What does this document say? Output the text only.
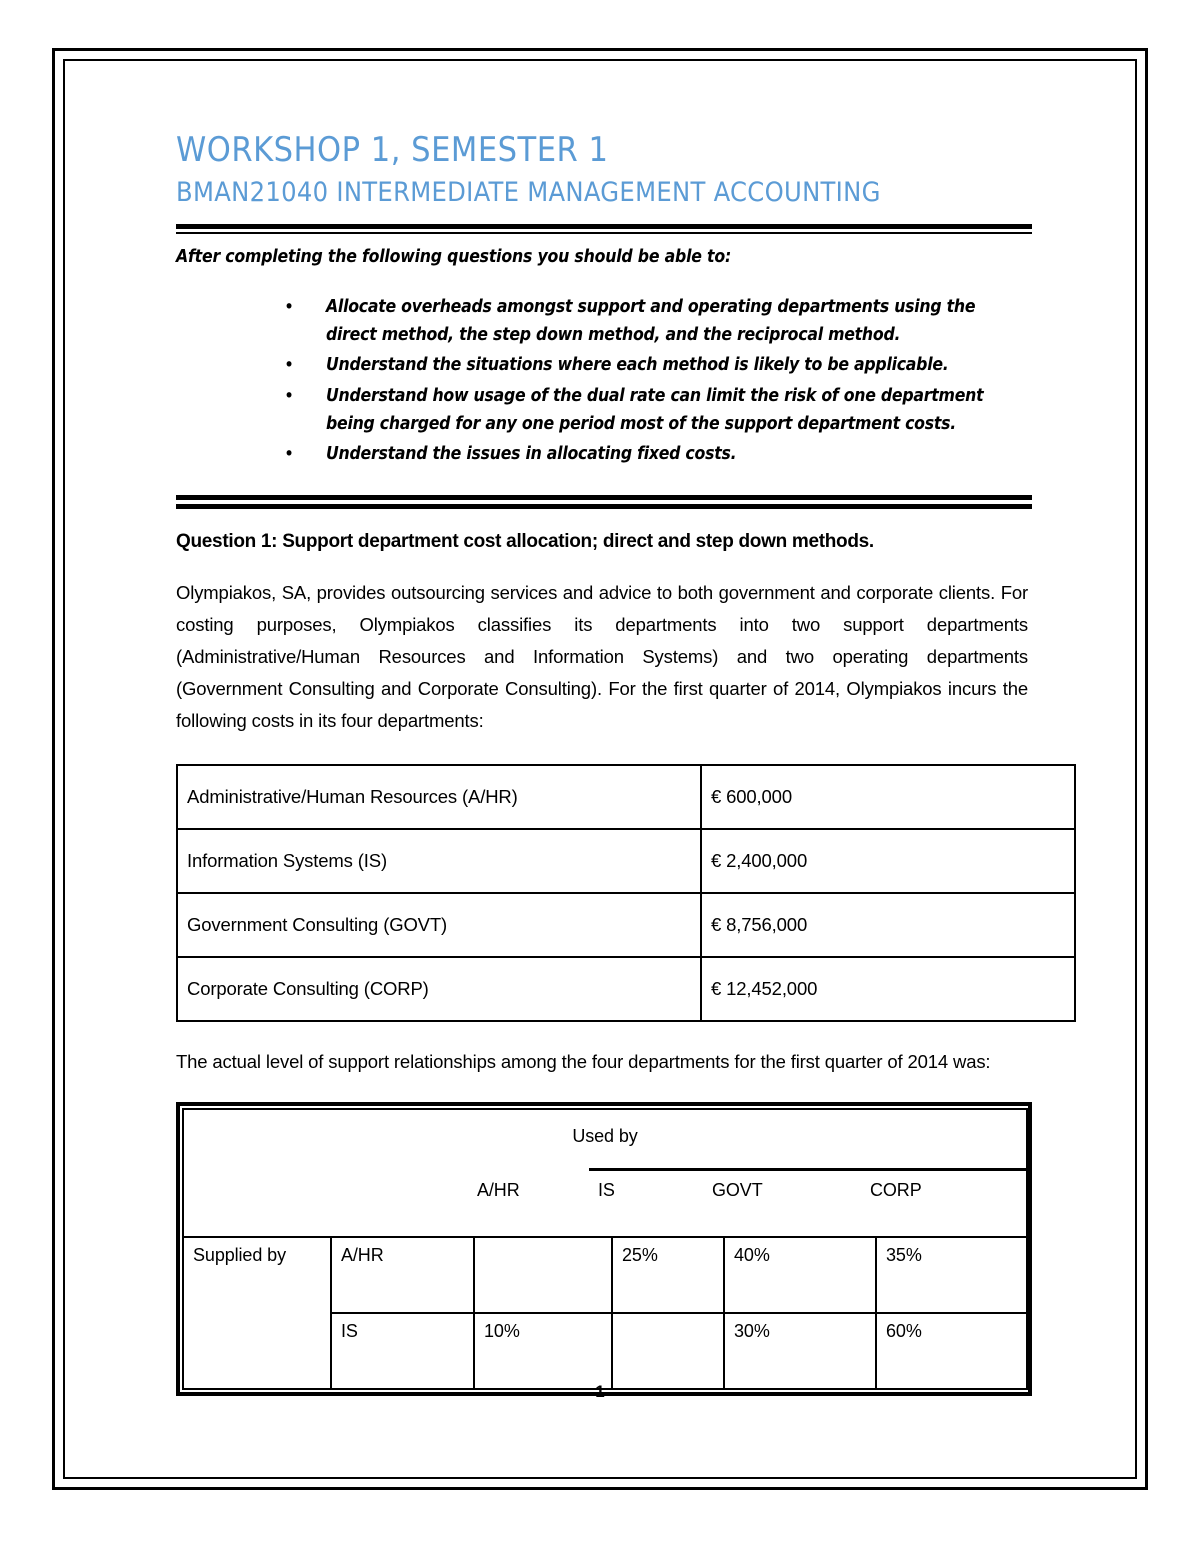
WORKSHOP 1, SEMESTER 1
BMAN21040 INTERMEDIATE MANAGEMENT ACCOUNTING
After completing the following questions you should be able to:
• Allocate overheads amongst support and operating departments using the direct method, the step down method, and the reciprocal method.
• Understand the situations where each method is likely to be applicable.
• Understand how usage of the dual rate can limit the risk of one department being charged for any one period most of the support department costs.
• Understand the issues in allocating fixed costs.
Question 1: Support department cost allocation; direct and step down methods.

Olympiakos, SA, provides outsourcing services and advice to both government and corporate clients. For costing purposes, Olympiakos classifies its departments into two support departments (Administrative/Human Resources and Information Systems) and two operating departments (Government Consulting and Corporate Consulting). For the first quarter of 2014, Olympiakos incurs the following costs in its four departments:

Administrative/Human Resources (A/HR)	€ 600,000
Information Systems (IS)	€ 2,400,000
Government Consulting (GOVT)	€ 8,756,000
Corporate Consulting (CORP)	€ 12,452,000

The actual level of support relationships among the four departments for the first quarter of 2014 was:

Used by
A/HR IS GOVT CORP					

Supplied by	A/HR		25%	40%	35%
	IS	10%		30%	60%
1
